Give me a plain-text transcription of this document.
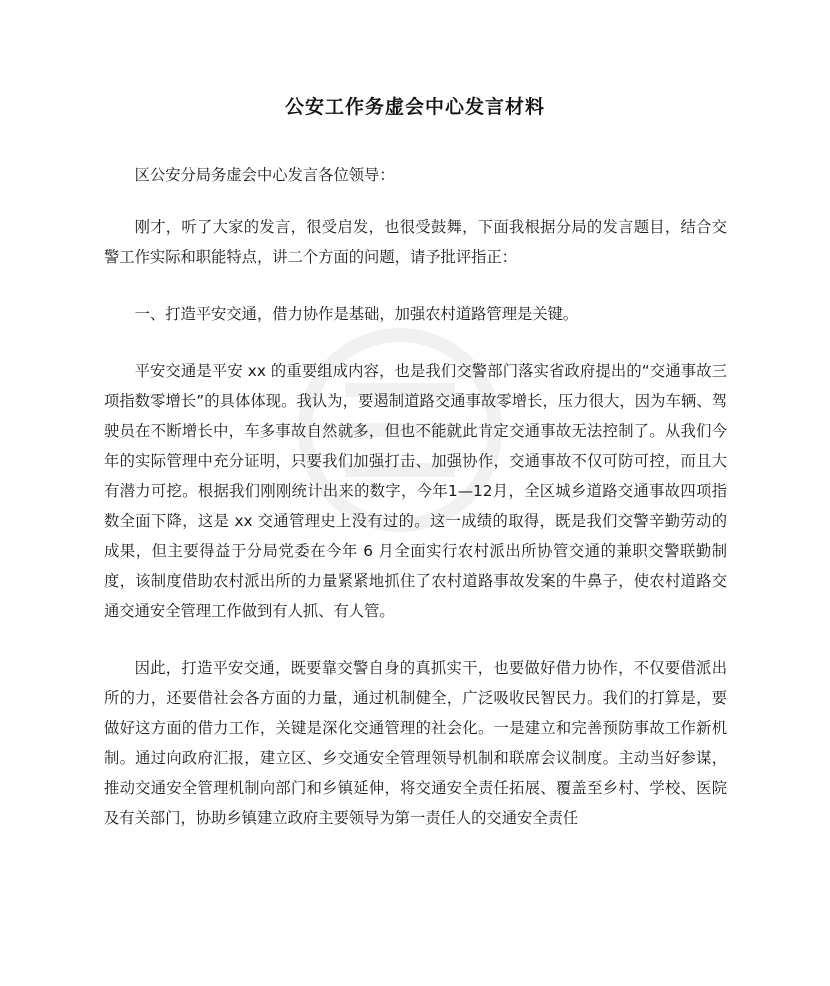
公安工作务虚会中心发言材料

区公安分局务虚会中心发言各位领导：

刚才，听了大家的发言，很受启发，也很受鼓舞，下面我根据分局的发言题目，结合交警工作实际和职能特点，讲二个方面的问题，请予批评指正：

一、打造平安交通，借力协作是基础，加强农村道路管理是关键。

平安交通是平安 xx 的重要组成内容，也是我们交警部门落实省政府提出的“交通事故三项指数零增长”的具体体现。我认为，要遏制道路交通事故零增长，压力很大，因为车辆、驾驶员在不断增长中，车多事故自然就多，但也不能就此肯定交通事故无法控制了。从我们今年的实际管理中充分证明，只要我们加强打击、加强协作，交通事故不仅可防可控，而且大有潜力可挖。根据我们刚刚统计出来的数字，今年1—12月，全区城乡道路交通事故四项指数全面下降，这是 xx 交通管理史上没有过的。这一成绩的取得，既是我们交警辛勤劳动的成果，但主要得益于分局党委在今年 6 月全面实行农村派出所协管交通的兼职交警联勤制度，该制度借助农村派出所的力量紧紧地抓住了农村道路事故发案的牛鼻子，使农村道路交通交通安全管理工作做到有人抓、有人管。

因此，打造平安交通，既要靠交警自身的真抓实干，也要做好借力协作，不仅要借派出所的力，还要借社会各方面的力量，通过机制健全，广泛吸收民智民力。我们的打算是，要做好这方面的借力工作，关键是深化交通管理的社会化。一是建立和完善预防事故工作新机制。通过向政府汇报，建立区、乡交通安全管理领导机制和联席会议制度。主动当好参谋，推动交通安全管理机制向部门和乡镇延伸，将交通安全责任拓展、覆盖至乡村、学校、医院及有关部门，协助乡镇建立政府主要领导为第一责任人的交通安全责任
